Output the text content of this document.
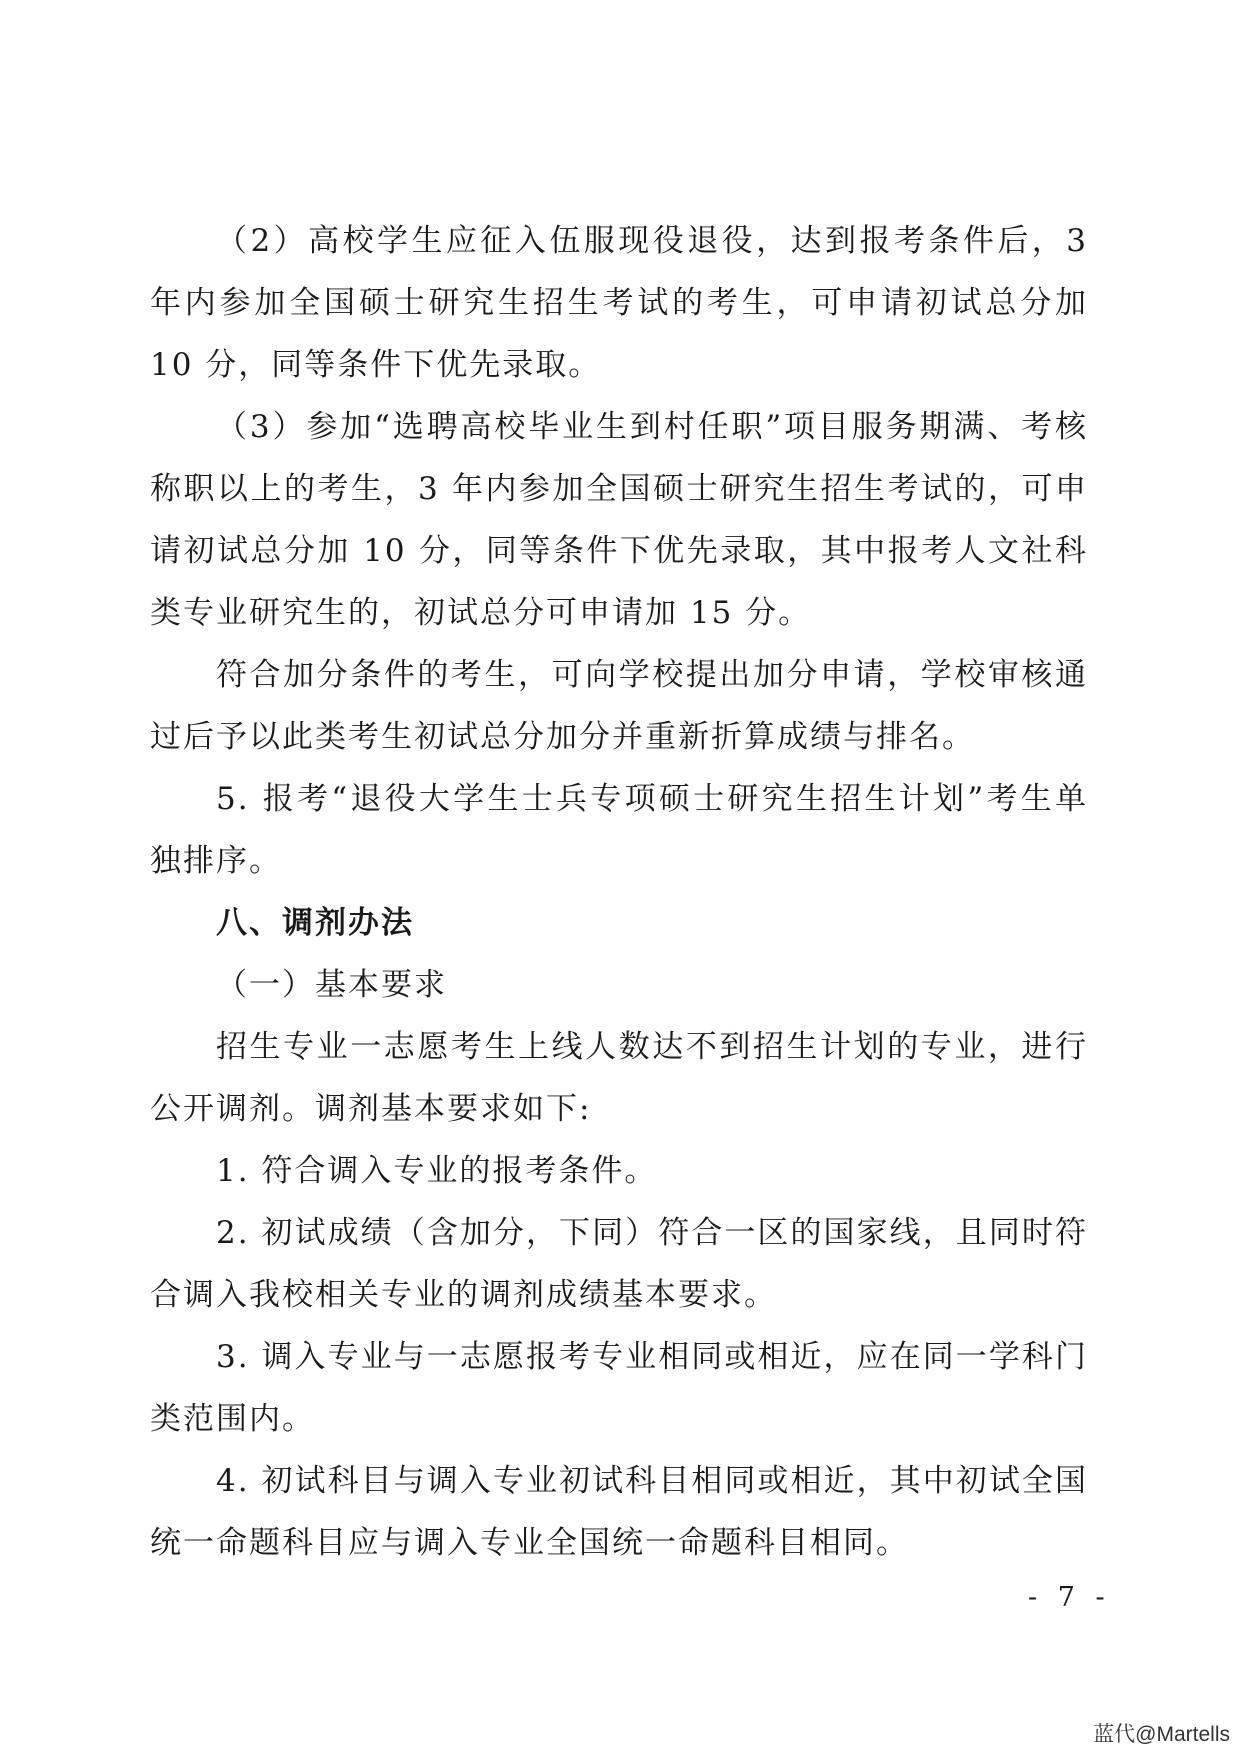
（2）高校学生应征入伍服现役退役，达到报考条件后，3 年内参加全国硕士研究生招生考试的考生，可申请初试总分加 10 分，同等条件下优先录取。

（3）参加“选聘高校毕业生到村任职”项目服务期满、考核称职以上的考生，3 年内参加全国硕士研究生招生考试的，可申请初试总分加 10 分，同等条件下优先录取，其中报考人文社科类专业研究生的，初试总分可申请加 15 分。

符合加分条件的考生，可向学校提出加分申请，学校审核通过后予以此类考生初试总分加分并重新折算成绩与排名。

5. 报考“退役大学生士兵专项硕士研究生招生计划”考生单独排序。

八、调剂办法

（一）基本要求

招生专业一志愿考生上线人数达不到招生计划的专业，进行公开调剂。调剂基本要求如下:

1. 符合调入专业的报考条件。

2. 初试成绩（含加分，下同）符合一区的国家线，且同时符合调入我校相关专业的调剂成绩基本要求。

3. 调入专业与一志愿报考专业相同或相近，应在同一学科门类范围内。

4. 初试科目与调入专业初试科目相同或相近，其中初试全国统一命题科目应与调入专业全国统一命题科目相同。

- 7 -
蓝代@Martells
